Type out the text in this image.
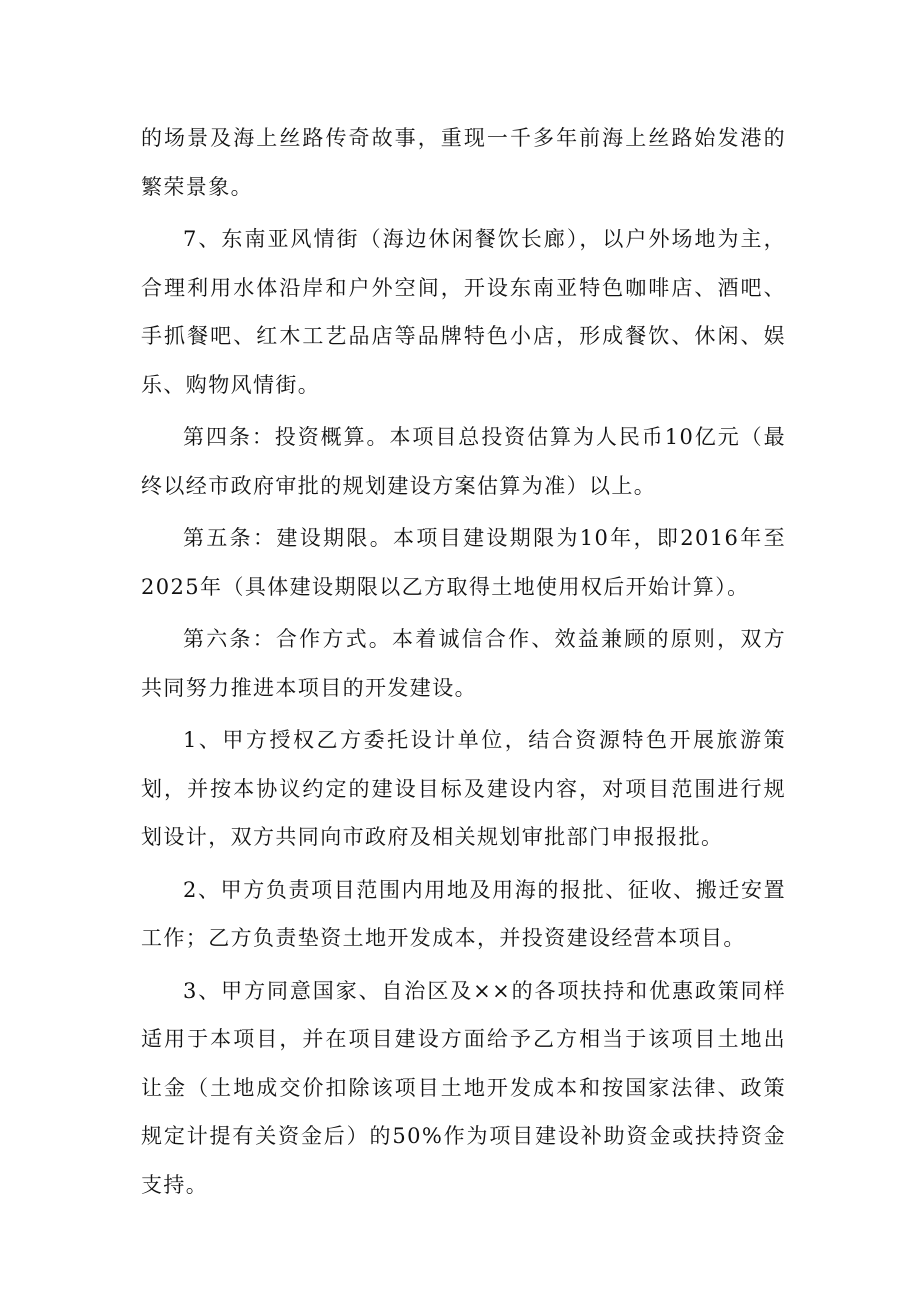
的场景及海上丝路传奇故事，重现一千多年前海上丝路始发港的繁荣景象。

7、东南亚风情街（海边休闲餐饮长廊），以户外场地为主，合理利用水体沿岸和户外空间，开设东南亚特色咖啡店、酒吧、手抓餐吧、红木工艺品店等品牌特色小店，形成餐饮、休闲、娱乐、购物风情街。

第四条：投资概算。本项目总投资估算为人民币10亿元（最终以经市政府审批的规划建设方案估算为准）以上。

第五条：建设期限。本项目建设期限为10年，即2016年至2025年（具体建设期限以乙方取得土地使用权后开始计算）。

第六条：合作方式。本着诚信合作、效益兼顾的原则，双方共同努力推进本项目的开发建设。

1、甲方授权乙方委托设计单位，结合资源特色开展旅游策划，并按本协议约定的建设目标及建设内容，对项目范围进行规划设计，双方共同向市政府及相关规划审批部门申报报批。

2、甲方负责项目范围内用地及用海的报批、征收、搬迁安置工作；乙方负责垫资土地开发成本，并投资建设经营本项目。

3、甲方同意国家、自治区及××的各项扶持和优惠政策同样适用于本项目，并在项目建设方面给予乙方相当于该项目土地出让金（土地成交价扣除该项目土地开发成本和按国家法律、政策规定计提有关资金后）的50%作为项目建设补助资金或扶持资金支持。
